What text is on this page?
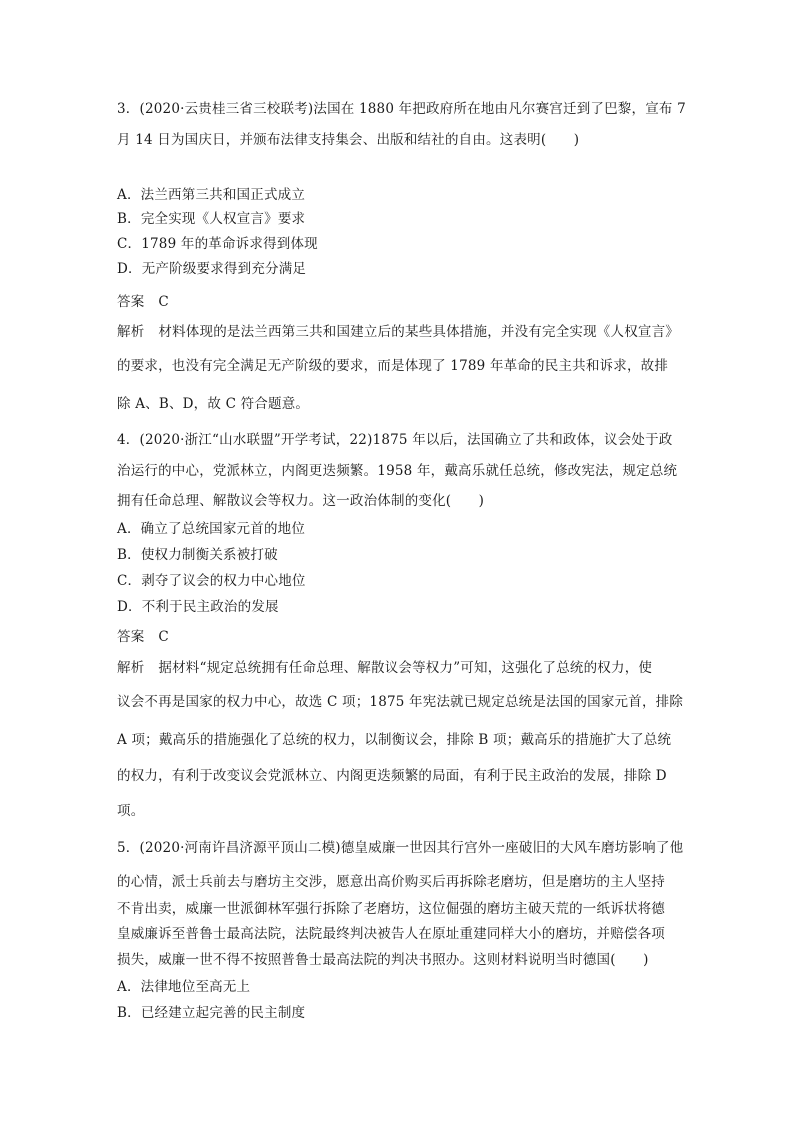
3．(2020·云贵桂三省三校联考)法国在 1880 年把政府所在地由凡尔赛宫迁到了巴黎，宣布 7
月 14 日为国庆日，并颁布法律支持集会、出版和结社的自由。这表明(　　)
A．法兰西第三共和国正式成立
B．完全实现《人权宣言》要求
C．1789 年的革命诉求得到体现
D．无产阶级要求得到充分满足
答案 C
解析 材料体现的是法兰西第三共和国建立后的某些具体措施，并没有完全实现《人权宣言》
的要求，也没有完全满足无产阶级的要求，而是体现了 1789 年革命的民主共和诉求，故排
除 A、B、D，故 C 符合题意。
4．(2020·浙江“山水联盟”开学考试，22)1875 年以后，法国确立了共和政体，议会处于政
治运行的中心，党派林立，内阁更迭频繁。1958 年，戴高乐就任总统，修改宪法，规定总统
拥有任命总理、解散议会等权力。这一政治体制的变化(　　)
A．确立了总统国家元首的地位
B．使权力制衡关系被打破
C．剥夺了议会的权力中心地位
D．不利于民主政治的发展
答案 C
解析 据材料“规定总统拥有任命总理、解散议会等权力”可知，这强化了总统的权力，使
议会不再是国家的权力中心，故选 C 项；1875 年宪法就已规定总统是法国的国家元首，排除
A 项；戴高乐的措施强化了总统的权力，以制衡议会，排除 B 项；戴高乐的措施扩大了总统
的权力，有利于改变议会党派林立、内阁更迭频繁的局面，有利于民主政治的发展，排除 D
项。
5．(2020·河南许昌济源平顶山二模)德皇威廉一世因其行宫外一座破旧的大风车磨坊影响了他
的心情，派士兵前去与磨坊主交涉，愿意出高价购买后再拆除老磨坊，但是磨坊的主人坚持
不肯出卖，威廉一世派御林军强行拆除了老磨坊，这位倔强的磨坊主破天荒的一纸诉状将德
皇威廉诉至普鲁士最高法院，法院最终判决被告人在原址重建同样大小的磨坊，并赔偿各项
损失，威廉一世不得不按照普鲁士最高法院的判决书照办。这则材料说明当时德国(　　)
A．法律地位至高无上
B．已经建立起完善的民主制度
